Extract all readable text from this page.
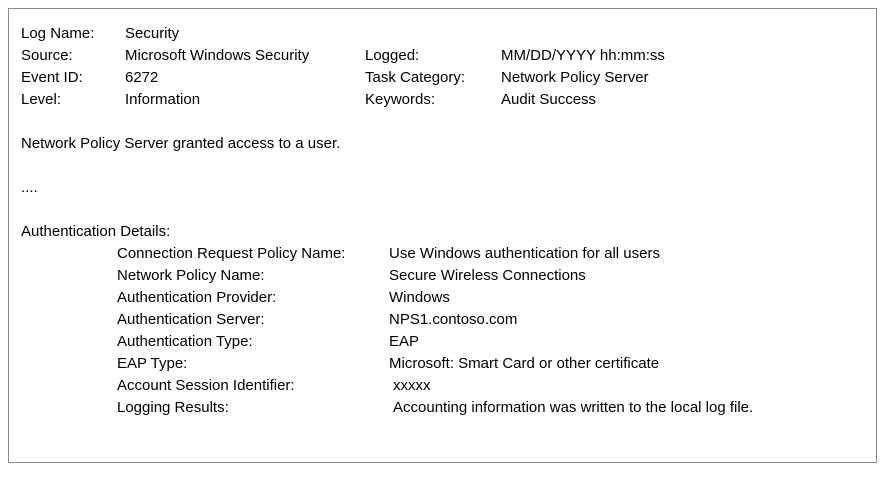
Log Name:	Security		
Source:	Microsoft Windows Security	Logged:	MM/DD/YYYY hh:mm:ss
Event ID:	6272	Task Category:	Network Policy Server
Level:	Information	Keywords:	Audit Success
Network Policy Server granted access to a user.
....
Authentication Details:
Connection Request Policy Name:	Use Windows authentication for all users
Network Policy Name:	Secure Wireless Connections
Authentication Provider:	Windows
Authentication Server:	NPS1.contoso.com
Authentication Type:	EAP
EAP Type:	Microsoft: Smart Card or other certificate
Account Session Identifier:	xxxxx
Logging Results:	Accounting information was written to the local log file.
